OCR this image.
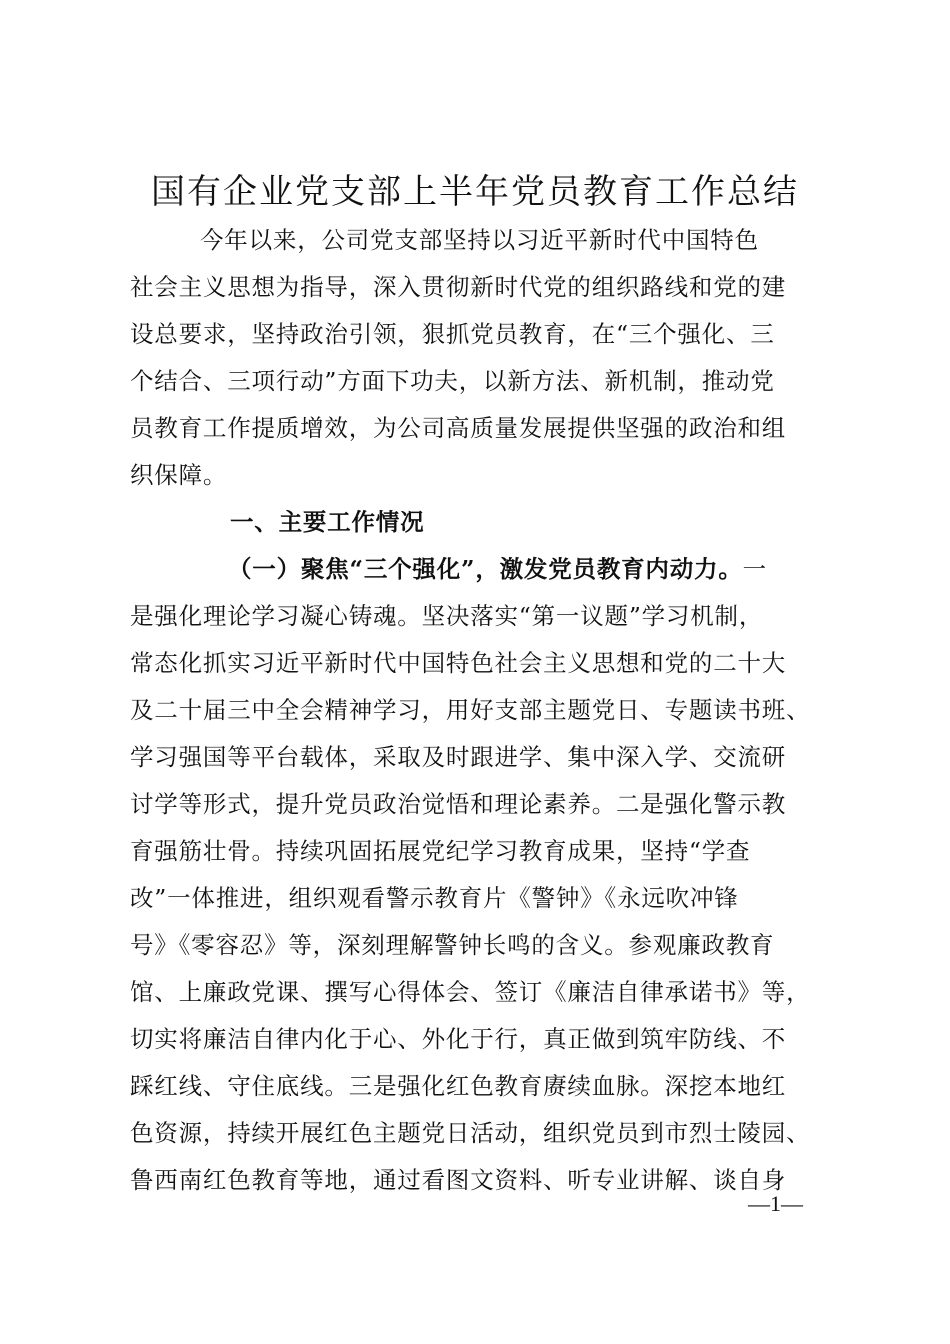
国有企业党支部上半年党员教育工作总结
今年以来，公司党支部坚持以习近平新时代中国特色
社会主义思想为指导，深入贯彻新时代党的组织路线和党的建
设总要求，坚持政治引领，狠抓党员教育，在“三个强化、三
个结合、三项行动”方面下功夫，以新方法、新机制，推动党
员教育工作提质增效，为公司高质量发展提供坚强的政治和组
织保障。
一、主要工作情况
（一）聚焦“三个强化”，激发党员教育内动力。一
是强化理论学习凝心铸魂。坚决落实“第一议题”学习机制，
常态化抓实习近平新时代中国特色社会主义思想和党的二十大
及二十届三中全会精神学习，用好支部主题党日、专题读书班、
学习强国等平台载体，采取及时跟进学、集中深入学、交流研
讨学等形式，提升党员政治觉悟和理论素养。二是强化警示教
育强筋壮骨。持续巩固拓展党纪学习教育成果，坚持“学查
改”一体推进，组织观看警示教育片《警钟》《永远吹冲锋
号》《零容忍》等，深刻理解警钟长鸣的含义。参观廉政教育
馆、上廉政党课、撰写心得体会、签订《廉洁自律承诺书》等，
切实将廉洁自律内化于心、外化于行，真正做到筑牢防线、不
踩红线、守住底线。三是强化红色教育赓续血脉。深挖本地红
色资源，持续开展红色主题党日活动，组织党员到市烈士陵园、
鲁西南红色教育等地，通过看图文资料、听专业讲解、谈自身
—1—
